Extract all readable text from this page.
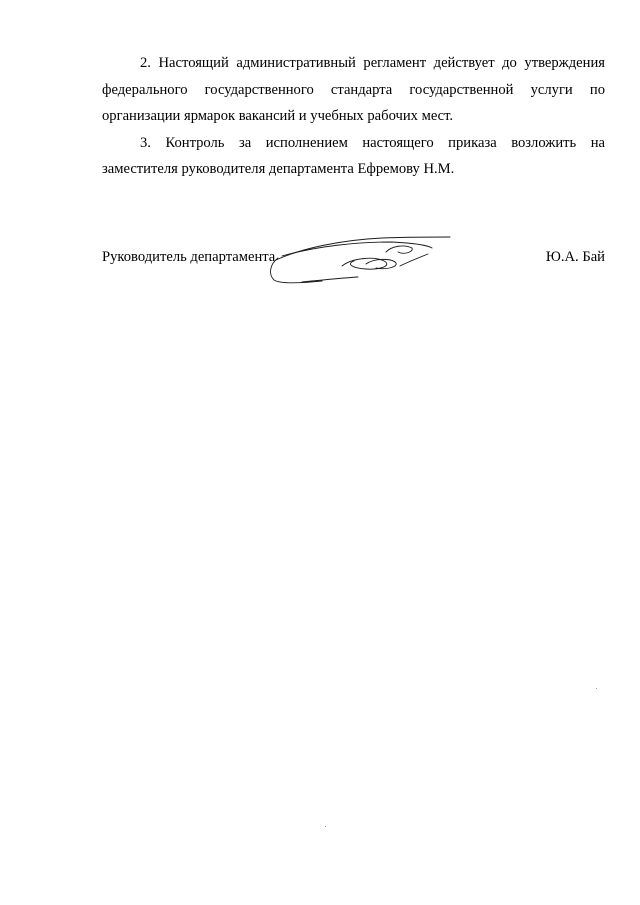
2. Настоящий административный регламент действует до утверждения федерального государственного стандарта государственной услуги по организации ярмарок вакансий и учебных рабочих мест.

3. Контроль за исполнением настоящего приказа возложить на заместителя руководителя департамента Ефремову Н.М.

Руководитель департамента	Ю.А. Бай
